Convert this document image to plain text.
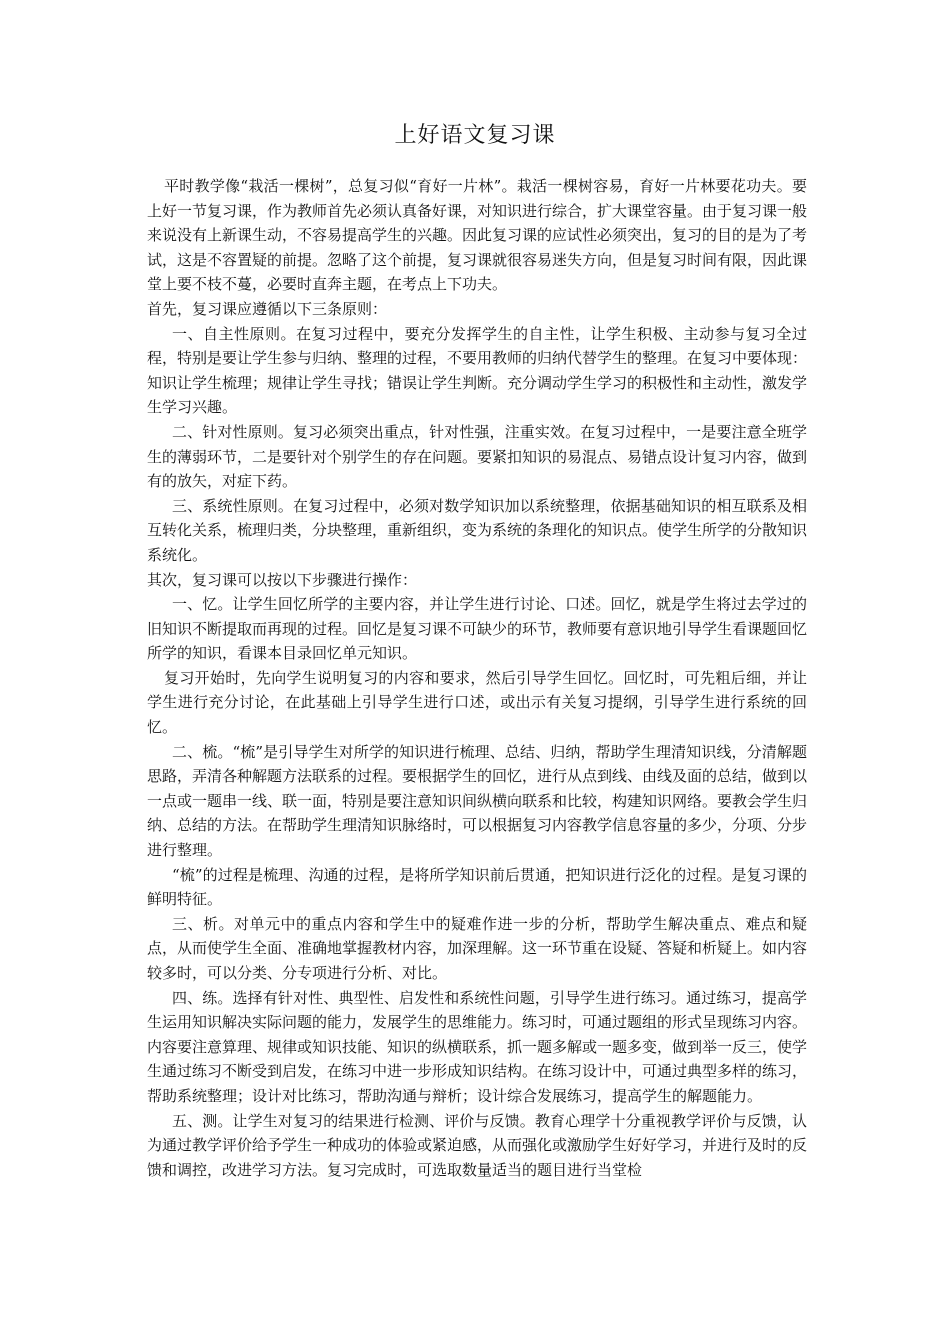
上好语文复习课

平时教学像“栽活一棵树”，总复习似“育好一片林”。栽活一棵树容易，育好一片林要花功夫。要上好一节复习课，作为教师首先必须认真备好课，对知识进行综合，扩大课堂容量。由于复习课一般来说没有上新课生动，不容易提高学生的兴趣。因此复习课的应试性必须突出，复习的目的是为了考试，这是不容置疑的前提。忽略了这个前提，复习课就很容易迷失方向，但是复习时间有限，因此课堂上要不枝不蔓，必要时直奔主题，在考点上下功夫。

首先，复习课应遵循以下三条原则：

一、自主性原则。在复习过程中，要充分发挥学生的自主性，让学生积极、主动参与复习全过程，特别是要让学生参与归纳、整理的过程，不要用教师的归纳代替学生的整理。在复习中要体现：知识让学生梳理；规律让学生寻找；错误让学生判断。充分调动学生学习的积极性和主动性，激发学生学习兴趣。

二、针对性原则。复习必须突出重点，针对性强，注重实效。在复习过程中，一是要注意全班学生的薄弱环节，二是要针对个别学生的存在问题。要紧扣知识的易混点、易错点设计复习内容，做到有的放矢，对症下药。

三、系统性原则。在复习过程中，必须对数学知识加以系统整理，依据基础知识的相互联系及相互转化关系，梳理归类，分块整理，重新组织，变为系统的条理化的知识点。使学生所学的分散知识系统化。

其次，复习课可以按以下步骤进行操作：

一、忆。让学生回忆所学的主要内容，并让学生进行讨论、口述。回忆，就是学生将过去学过的旧知识不断提取而再现的过程。回忆是复习课不可缺少的环节，教师要有意识地引导学生看课题回忆所学的知识，看课本目录回忆单元知识。

复习开始时，先向学生说明复习的内容和要求，然后引导学生回忆。回忆时，可先粗后细，并让学生进行充分讨论，在此基础上引导学生进行口述，或出示有关复习提纲，引导学生进行系统的回忆。

二、梳。“梳”是引导学生对所学的知识进行梳理、总结、归纳，帮助学生理清知识线，分清解题思路，弄清各种解题方法联系的过程。要根据学生的回忆，进行从点到线、由线及面的总结，做到以一点或一题串一线、联一面，特别是要注意知识间纵横向联系和比较，构建知识网络。要教会学生归纳、总结的方法。在帮助学生理清知识脉络时，可以根据复习内容教学信息容量的多少，分项、分步进行整理。

“梳”的过程是梳理、沟通的过程，是将所学知识前后贯通，把知识进行泛化的过程。是复习课的鲜明特征。

三、析。对单元中的重点内容和学生中的疑难作进一步的分析，帮助学生解决重点、难点和疑点，从而使学生全面、准确地掌握教材内容，加深理解。这一环节重在设疑、答疑和析疑上。如内容较多时，可以分类、分专项进行分析、对比。

四、练。选择有针对性、典型性、启发性和系统性问题，引导学生进行练习。通过练习，提高学生运用知识解决实际问题的能力，发展学生的思维能力。练习时，可通过题组的形式呈现练习内容。内容要注意算理、规律或知识技能、知识的纵横联系，抓一题多解或一题多变，做到举一反三，使学生通过练习不断受到启发，在练习中进一步形成知识结构。在练习设计中，可通过典型多样的练习，帮助系统整理；设计对比练习，帮助沟通与辩析；设计综合发展练习，提高学生的解题能力。

五、测。让学生对复习的结果进行检测、评价与反馈。教育心理学十分重视教学评价与反馈，认为通过教学评价给予学生一种成功的体验或紧迫感，从而强化或激励学生好好学习，并进行及时的反馈和调控，改进学习方法。复习完成时，可选取数量适当的题目进行当堂检
